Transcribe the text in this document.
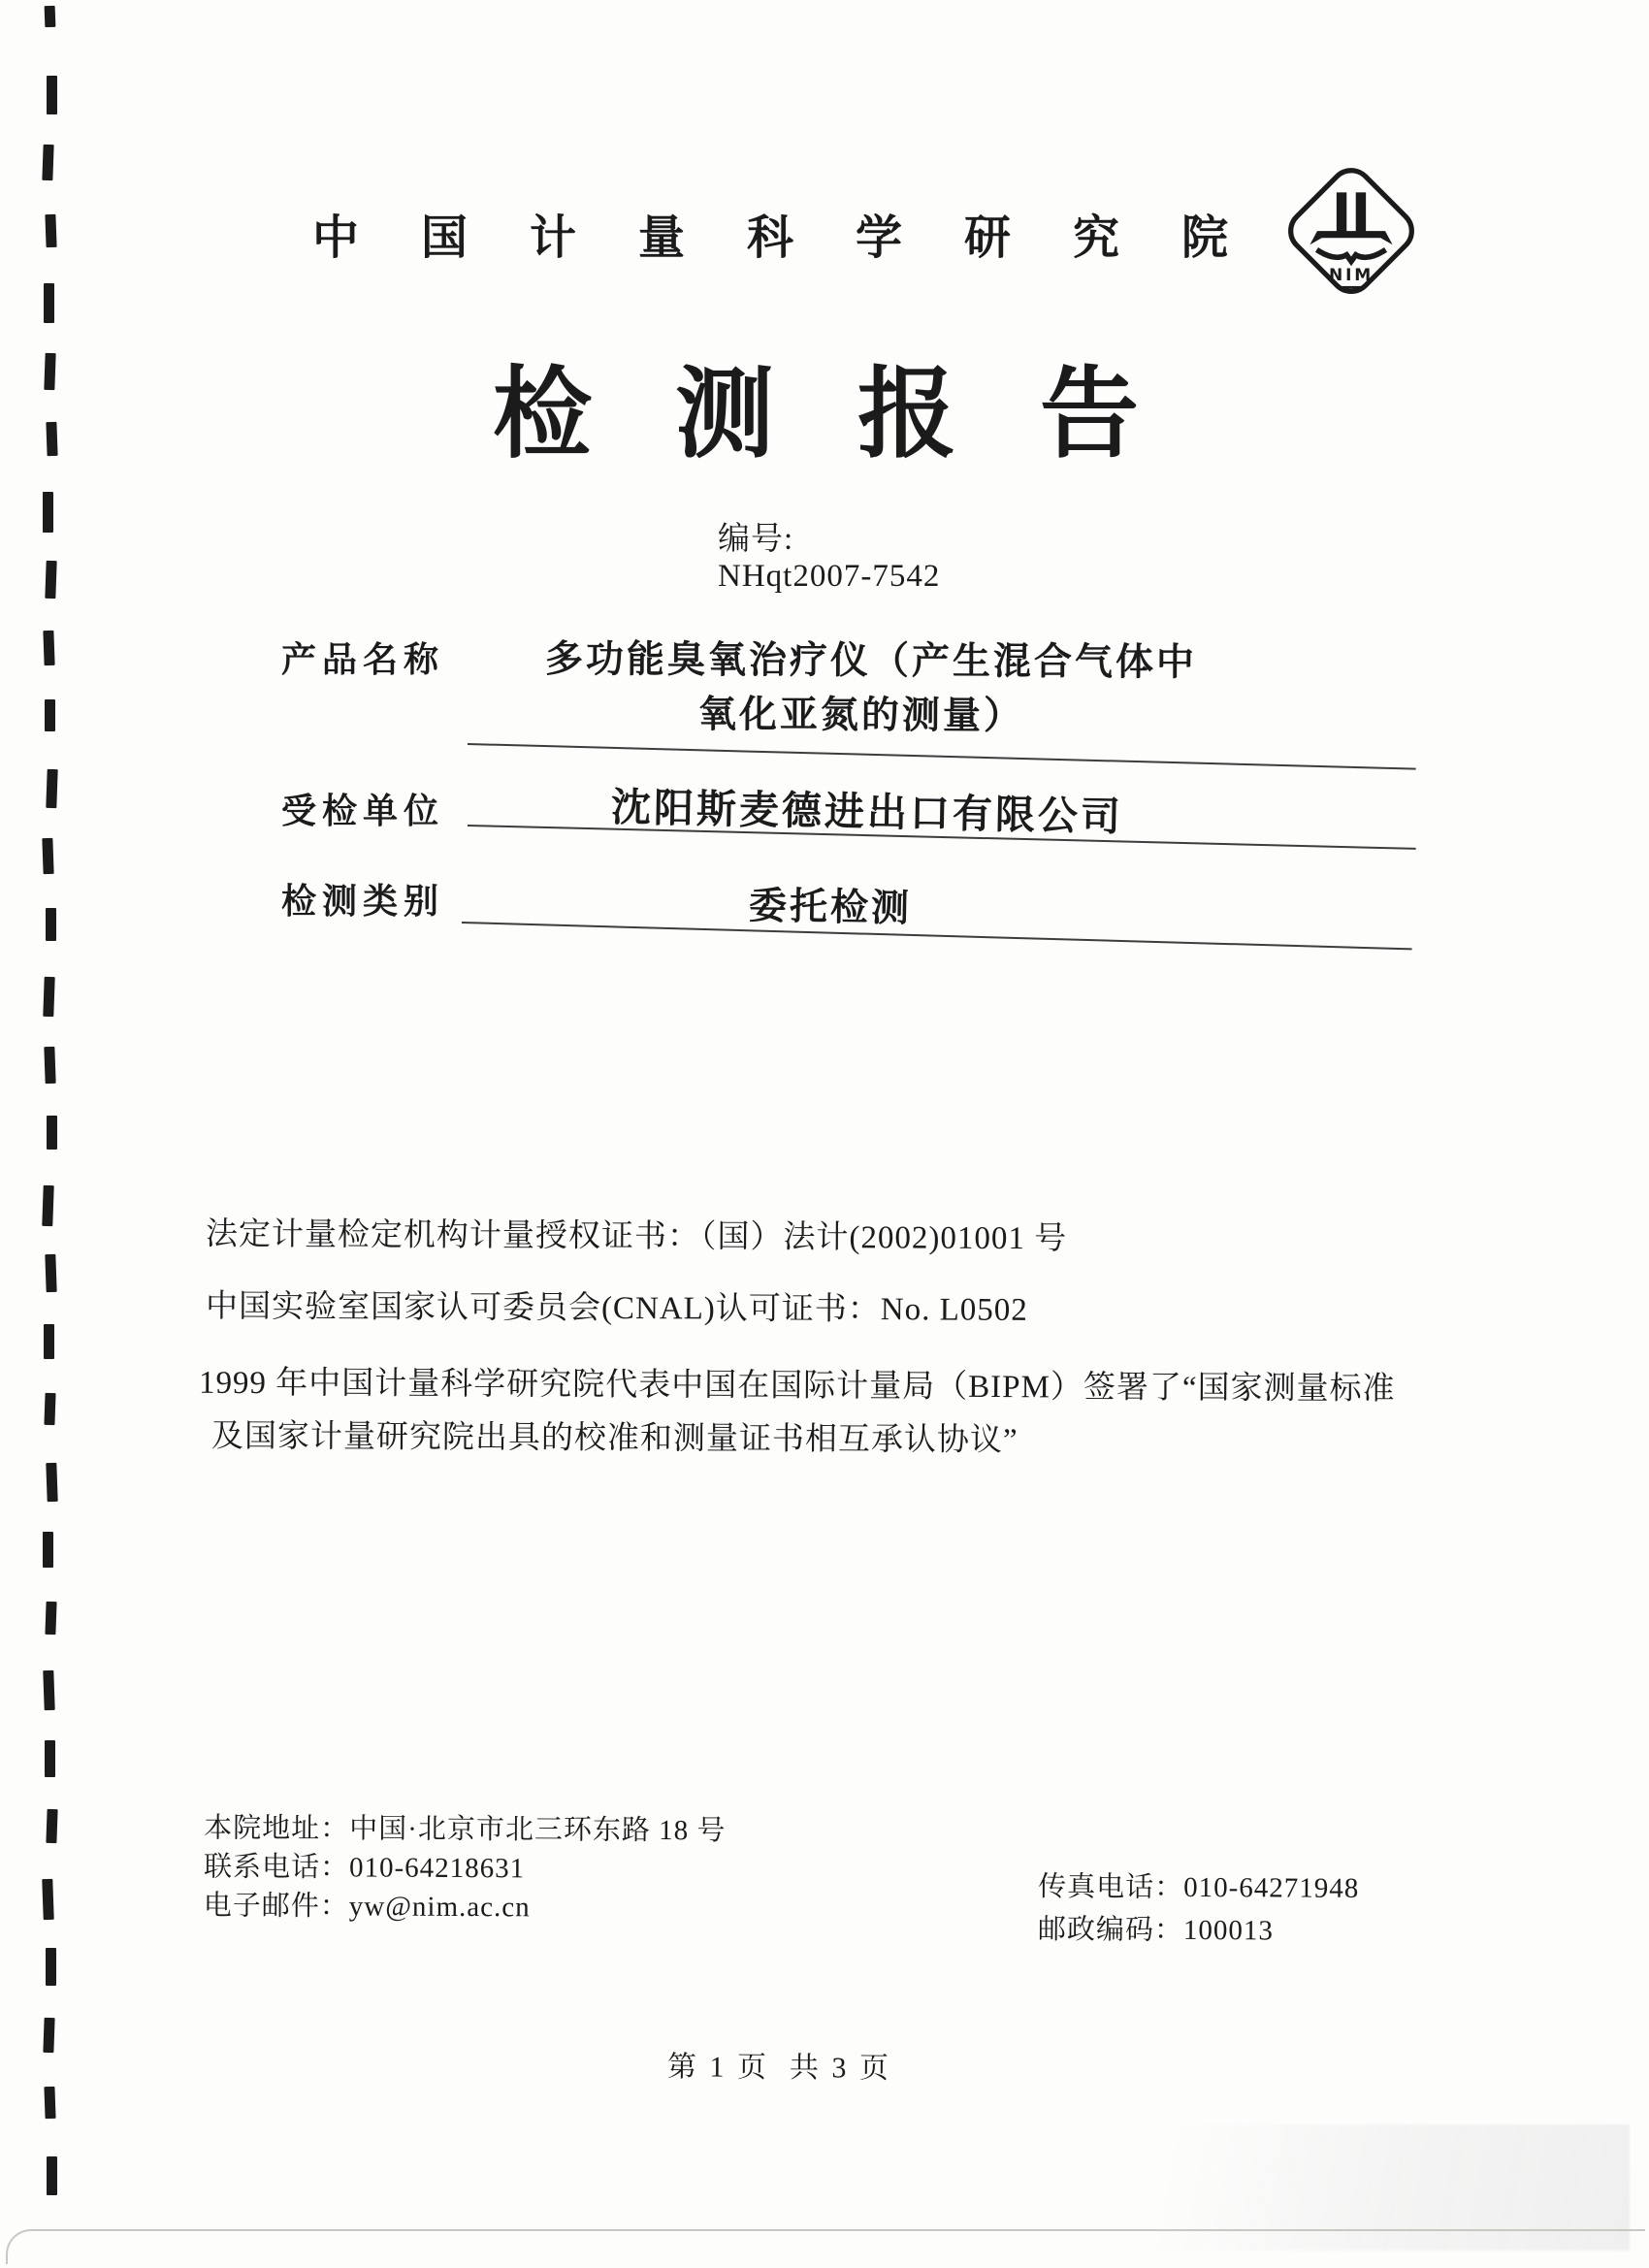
NIM
中国计量科学研究院
检测报告

编号:
NHqt2007-7542

产品名称	多功能臭氧治疗仪（产生混合气体中
氧化亚氮的测量）
受检单位	沈阳斯麦德进出口有限公司
检测类别	委托检测
法定计量检定机构计量授权证书：（国）法计(2002)01001 号
中国实验室国家认可委员会(CNAL)认可证书：No. L0502
1999 年中国计量科学研究院代表中国在国际计量局（BIPM）签署了“国家测量标准
及国家计量研究院出具的校准和测量证书相互承认协议”
本院地址：中国·北京市北三环东路 18 号
联系电话：010-64218631
电子邮件：yw@nim.ac.cn
传真电话：010-64271948
邮政编码：100013
第 1 页  共 3 页
